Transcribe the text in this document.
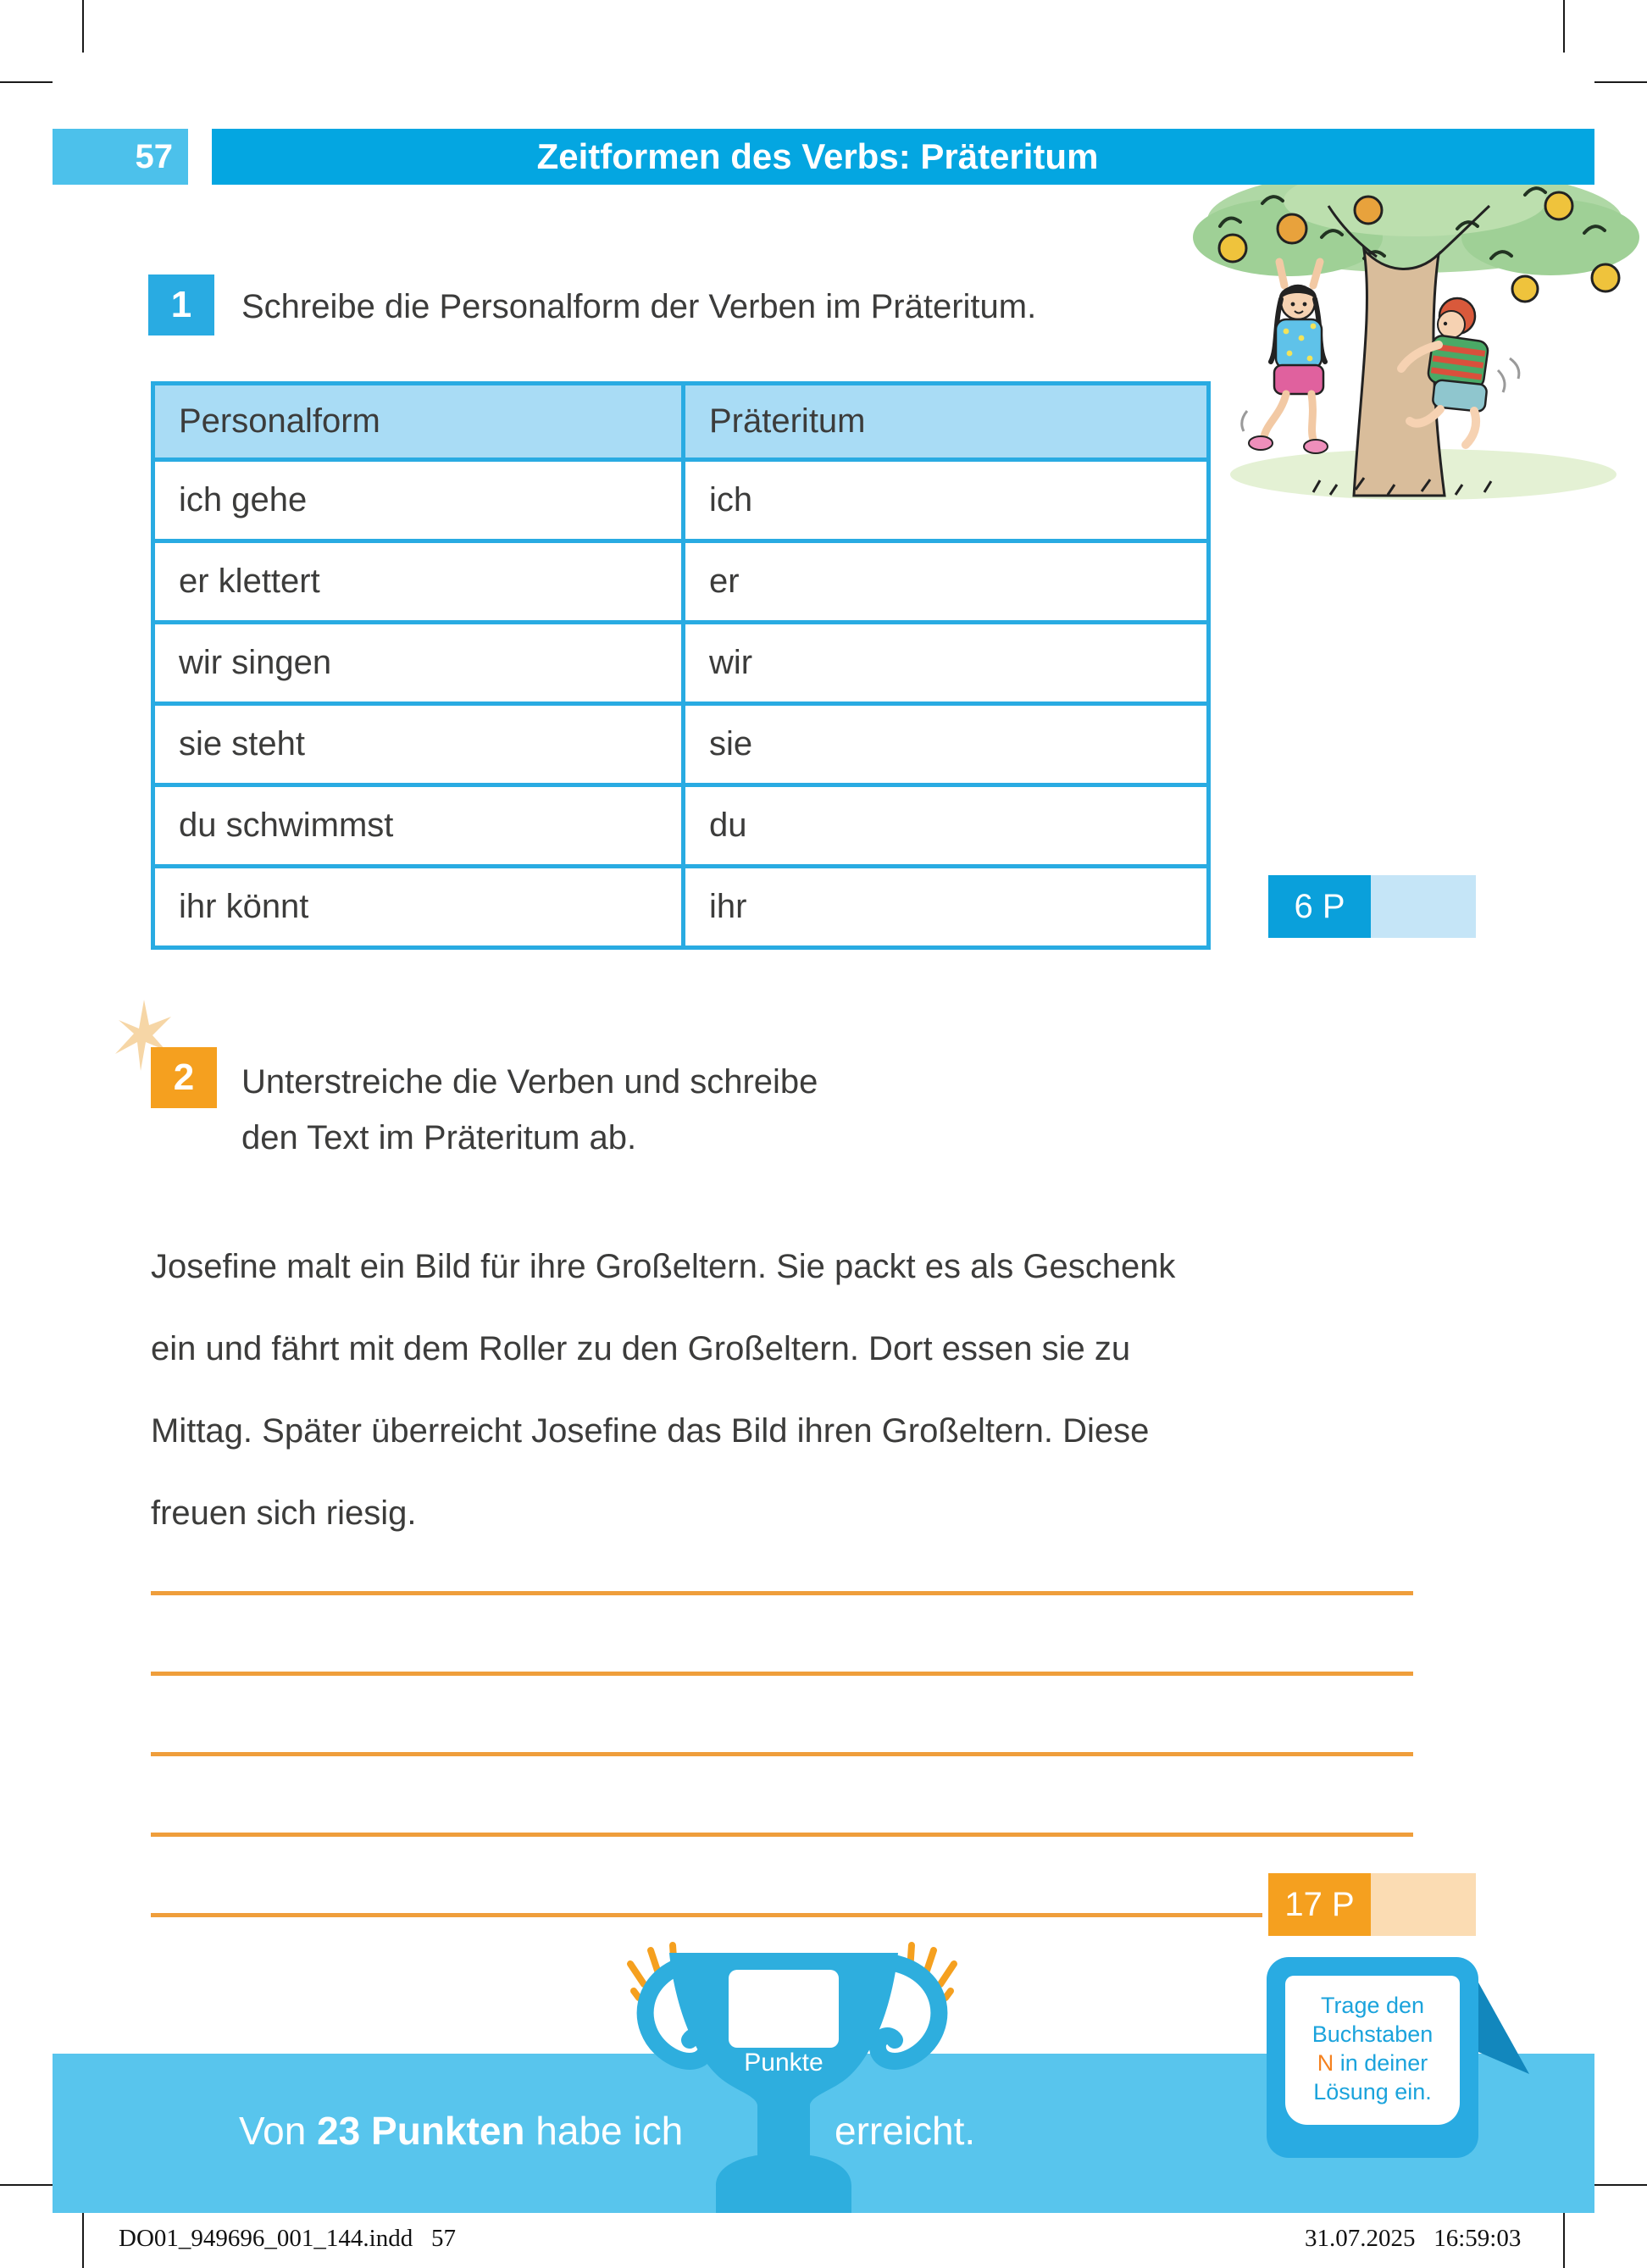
57	Zeitformen des Verbs: Präteritum
1	Schreibe die Personalform der Verben im Präteritum.
Personalform	Präteritum
ich gehe	ich
er klettert	er
wir singen	wir
sie steht	sie
du schwimmst	du
ihr könnt	ihr	6 P
2	Unterstreiche die Verben und schreibe
den Text im Präteritum ab.
Josefine malt ein Bild für ihre Großeltern. Sie packt es als Geschenk
ein und fährt mit dem Roller zu den Großeltern. Dort essen sie zu
Mittag. Später überreicht Josefine das Bild ihren Großeltern. Diese
freuen sich riesig.
17 P
Punkte
Von 23 Punkten habe ich	erreicht.
Trage den
Buchstaben
N in deiner
Lösung ein.
DO01_949696_001_144.indd   57	31.07.2025   16:59:03
